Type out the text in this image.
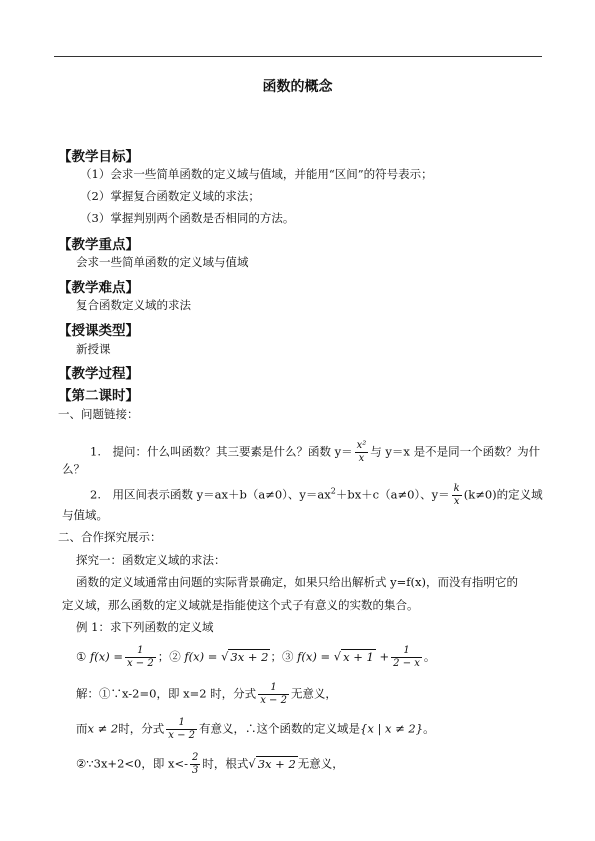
函数的概念
【教学目标】
（1）会求一些简单函数的定义域与值域，并能用“区间”的符号表示；
（2）掌握复合函数定义域的求法；
（3）掌握判别两个函数是否相同的方法。
【教学重点】
会求一些简单函数的定义域与值域
【教学难点】
复合函数定义域的求法
【授课类型】
新授课
【教学过程】
【第二课时】
一、问题链接：
1.　提问：什么叫函数？其三要素是什么？函数 $y= \frac{\text{x²}}{x}$ 与 y＝x 是不是同一个函数？为什
么？
2.　用区间表示函数 y＝ax＋b（a≠0）、$y=ax^2+bx+c(a\ne 0)$、$y= \frac{k}{x} (k\ne 0)$的定义域
与值域。
二、合作探究展示：
探究一：函数定义域的求法：
函数的定义域通常由问题的实际背景确定，如果只给出解析式 y=f(x)，而没有指明它的
定义域，那么函数的定义域就是指能使这个式子有意义的实数的集合。
例 1：求下列函数的定义域
① $f(x) = \frac{1}{x - 2}$ ；② f(x) = √ 3x + 2 ；③ f(x) = √ $x + 1 + \frac{1}{2 - x}$ 。
解：①∵x-2=0，即 x=2 时，分式 $\frac{1}{x - 2}$ 无意义，
而x ≠ 2时，分式 $\frac{1}{x - 2}$ 有意义，∴这个函数的定义域是{x | x ≠ 2}。
②∵3x+2<0，即 $x<- \frac{2}{3}$ 时，根式√ 3x + 2 无意义，
